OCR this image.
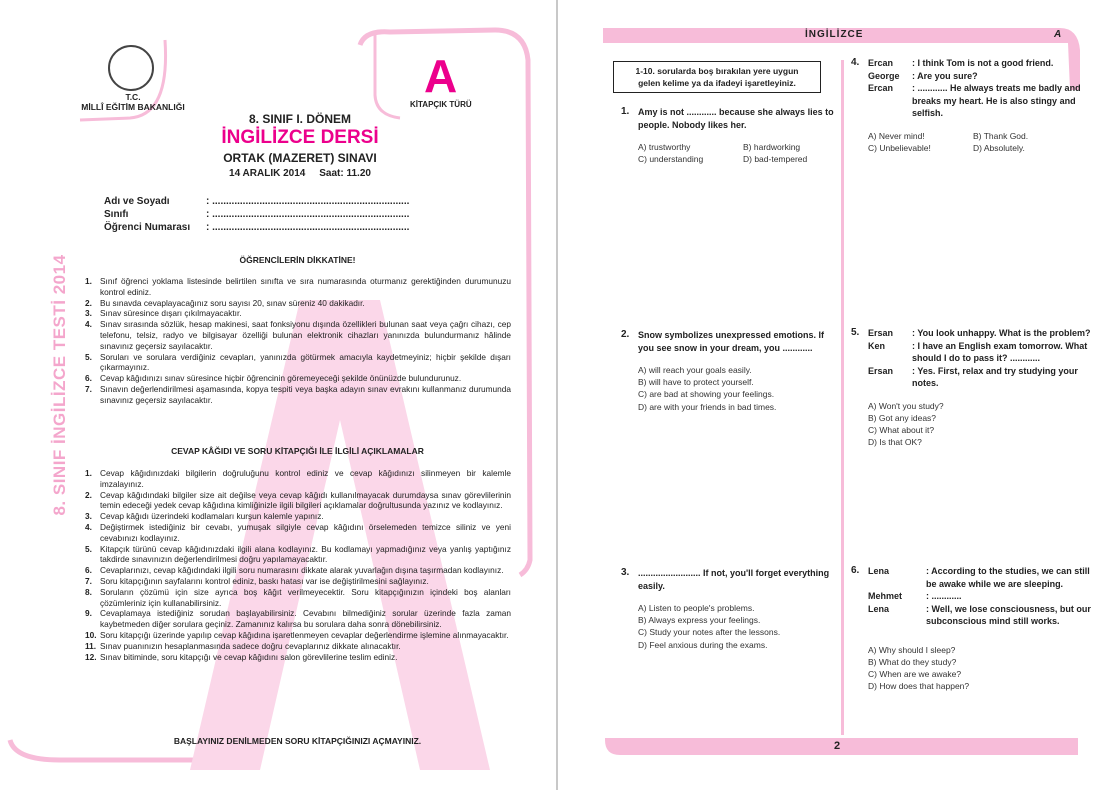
8. SINIF İNGİLİZCE TESTİ 2014
T.C.
MİLLÎ EĞİTİM BAKANLIĞI
A
KİTAPÇIK TÜRÜ
8. SINIF I. DÖNEM
İNGİLİZCE DERSİ
ORTAK (MAZERET) SINAVI
14 ARALIK 2014 Saat: 11.20
Adı ve Soyadı	: .......................................................................
Sınıfı	: .......................................................................
Öğrenci Numarası : .......................................................................
ÖĞRENCİLERİN DİKKATİNE!
1. Sınıf öğrenci yoklama listesinde belirtilen sınıfta ve sıra numarasında oturmanız gerektiğinden durumunuzu kontrol ediniz.
2. Bu sınavda cevaplayacağınız soru sayısı 20, sınav süreniz 40 dakikadır.
3. Sınav süresince dışarı çıkılmayacaktır.
4. Sınav sırasında sözlük, hesap makinesi, saat fonksiyonu dışında özellikleri bulunan saat veya çağrı cihazı, cep telefonu, telsiz, radyo ve bilgisayar özelliği bulunan elektronik cihazları yanınızda bulundurmanız hâlinde sınavınız geçersiz sayılacaktır.
5. Soruları ve sorulara verdiğiniz cevapları, yanınızda götürmek amacıyla kaydetmeyiniz; hiçbir şekilde dışarı çıkarmayınız.
6. Cevap kâğıdınızı sınav süresince hiçbir öğrencinin göremeyeceği şekilde önünüzde bulundurunuz.
7. Sınavın değerlendirilmesi aşamasında, kopya tespiti veya başka adayın sınav evrakını kullanmanız durumunda sınavınız geçersiz sayılacaktır.
CEVAP KÂĞIDI VE SORU KİTAPÇIĞI İLE İLGİLİ AÇIKLAMALAR
1. Cevap kâğıdınızdaki bilgilerin doğruluğunu kontrol ediniz ve cevap kâğıdınızı silinmeyen bir kalemle imzalayınız.
2. Cevap kâğıdındaki bilgiler size ait değilse veya cevap kâğıdı kullanılmayacak durumdaysa sınav görevlilerinin temin edeceği yedek cevap kâğıdına kimliğinizle ilgili bilgileri açıklamalar doğrultusunda yazınız ve kodlayınız.
3. Cevap kâğıdı üzerindeki kodlamaları kurşun kalemle yapınız.
4. Değiştirmek istediğiniz bir cevabı, yumuşak silgiyle cevap kâğıdını örselemeden temizce siliniz ve yeni cevabınızı kodlayınız.
5. Kitapçık türünü cevap kâğıdınızdaki ilgili alana kodlayınız. Bu kodlamayı yapmadığınız veya yanlış yaptığınız takdirde sınavınızın değerlendirilmesi doğru yapılamayacaktır.
6. Cevaplarınızı, cevap kâğıdındaki ilgili soru numarasını dikkate alarak yuvarlağın dışına taşırmadan kodlayınız.
7. Soru kitapçığının sayfalarını kontrol ediniz, baskı hatası var ise değiştirilmesini sağlayınız.
8. Soruların çözümü için size ayrıca boş kâğıt verilmeyecektir. Soru kitapçığınızın içindeki boş alanları çözümleriniz için kullanabilirsiniz.
9. Cevaplamaya istediğiniz sorudan başlayabilirsiniz. Cevabını bilmediğiniz sorular üzerinde fazla zaman kaybetmeden diğer sorulara geçiniz. Zamanınız kalırsa bu sorulara daha sonra dönebilirsiniz.
10. Soru kitapçığı üzerinde yapılıp cevap kâğıdına işaretlenmeyen cevaplar değerlendirme işlemine alınmayacaktır.
11. Sınav puanınızın hesaplanmasında sadece doğru cevaplarınız dikkate alınacaktır.
12. Sınav bitiminde, soru kitapçığı ve cevap kâğıdını salon görevlilerine teslim ediniz.
BAŞLAYINIZ DENİLMEDEN SORU KİTAPÇIĞINIZI AÇMAYINIZ.
İNGİLİZCE	A
2
1-10. sorularda boş bırakılan yere uygun gelen kelime ya da ifadeyi işaretleyiniz.
1. Amy is not ............ because she always lies to people. Nobody likes her.
A) trustworthy	B) hardworking
C) understanding	D) bad-tempered
2. Snow symbolizes unexpressed emotions. If you see snow in your dream, you ............
A) will reach your goals easily.
B) will have to protect yourself.
C) are bad at showing your feelings.
D) are with your friends in bad times.
3. ......................... If not, you'll forget everything easily.
A) Listen to people's problems.
B) Always express your feelings.
C) Study your notes after the lessons.
D) Feel anxious during the exams.
4. Ercan	: I think Tom is not a good friend.
George	: Are you sure?
Ercan	: ............ He always treats me badly and breaks my heart. He is also stingy and selfish.
A) Never mind!	B) Thank God.
C) Unbelievable!	D) Absolutely.
5. Ersan	: You look unhappy. What is the problem?
Ken	: I have an English exam tomorrow. What should I do to pass it? ............
Ersan	: Yes. First, relax and try studying your notes.
A) Won't you study?
B) Got any ideas?
C) What about it?
D) Is that OK?
6. Lena	: According to the studies, we can still be awake while we are sleeping.
Mehmet	: ............
Lena	: Well, we lose consciousness, but our subconscious mind still works.
A) Why should I sleep?
B) What do they study?
C) When are we awake?
D) How does that happen?
